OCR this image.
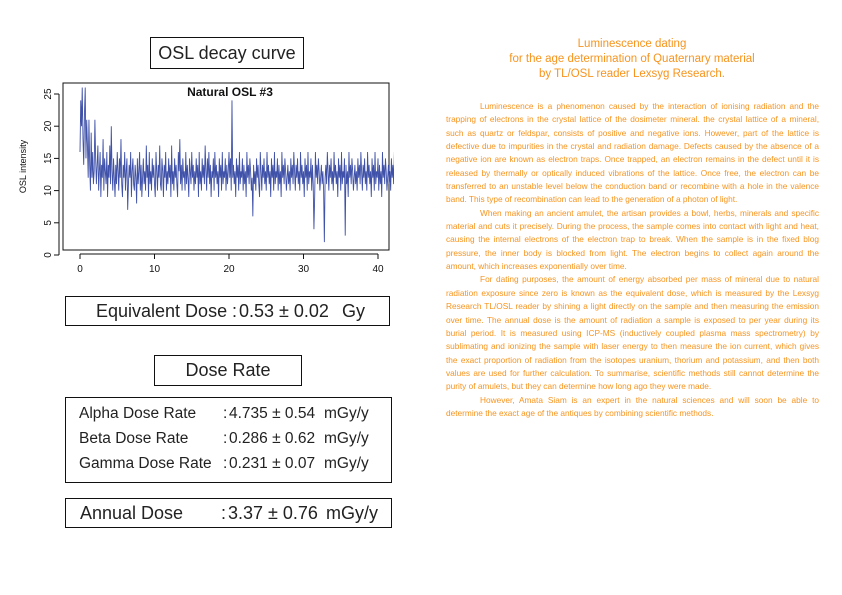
OSL decay curve
Natural OSL #3
0	10	20	30	40
0
5
10
15
20
25
OSL intensity
Equivalent Dose : 0.53 ± 0.02 Gy
Dose Rate
Alpha Dose Rate : 4.735 ± 0.54 mGy/y
Beta Dose Rate : 0.286 ± 0.62 mGy/y
Gamma Dose Rate : 0.231 ± 0.07 mGy/y
Annual Dose : 3.37 ± 0.76 mGy/y
Luminescence dating
for the age determination of Quaternary material
by TL/OSL reader Lexsyg Research.

Luminescence is a phenomenon caused by the interaction of ionising radiation and the trapping of electrons in the crystal lattice of the dosimeter mineral. the crystal lattice of a mineral, such as quartz or feldspar, consists of positive and negative ions. However, part of the lattice is defective due to impurities in the crystal and radiation damage. Defects caused by the absence of a negative ion are known as electron traps. Once trapped, an electron remains in the defect until it is released by thermally or optically induced vibrations of the lattice. Once free, the electron can be transferred to an unstable level below the conduction band or recombine with a hole in the valence band. This type of recombination can lead to the generation of a photon of light.

When making an ancient amulet, the artisan provides a bowl, herbs, minerals and specific material and cuts it precisely. During the process, the sample comes into contact with light and heat, causing the internal electrons of the electron trap to break. When the sample is in the fixed blog pressure, the inner body is blocked from light. The electron begins to collect again around the amount, which increases exponentially over time.

For dating purposes, the amount of energy absorbed per mass of mineral due to natural radiation exposure since zero is known as the equivalent dose, which is measured by the Lexsyg Research TL/OSL reader by shining a light directly on the sample and then measuring the emission over time. The annual dose is the amount of radiation a sample is exposed to per year during its burial period. It is measured using ICP-MS (inductively coupled plasma mass spectrometry) by sublimating and ionizing the sample with laser energy to then measure the ion current, which gives the exact proportion of radiation from the isotopes uranium, thorium and potassium, and then both values are used for further calculation. To summarise, scientific methods still cannot determine the purity of amulets, but they can determine how long ago they were made.

However, Amata Siam is an expert in the natural sciences and will soon be able to determine the exact age of the antiques by combining scientific methods.
